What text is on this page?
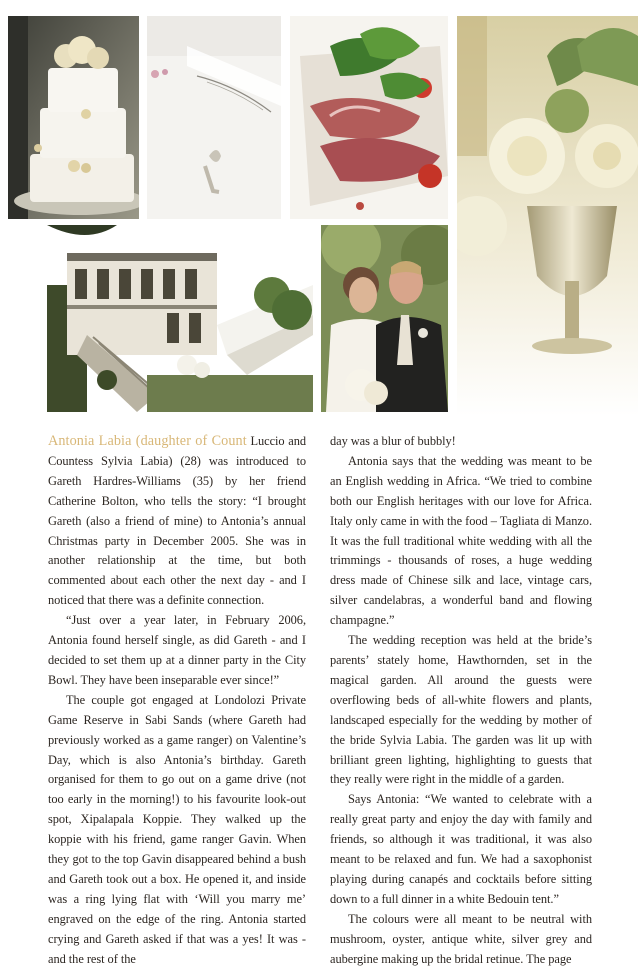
Antonia Labia (daughter of Count Luccio and Countess Sylvia Labia) (28) was introduced to Gareth Hardres-Williams (35) by her friend Catherine Bolton, who tells the story: “I brought Gareth (also a friend of mine) to Antonia’s annual Christmas party in December 2005. She was in another relationship at the time, but both commented about each other the next day - and I noticed that there was a definite connection.

“Just over a year later, in February 2006, Antonia found herself single, as did Gareth - and I decided to set them up at a dinner party in the City Bowl. They have been inseparable ever since!”

The couple got engaged at Londolozi Private Game Reserve in Sabi Sands (where Gareth had previously worked as a game ranger) on Valentine’s Day, which is also Antonia’s birthday. Gareth organised for them to go out on a game drive (not too early in the morning!) to his favourite look-out spot, Xipalapala Koppie. They walked up the koppie with his friend, game ranger Gavin. When they got to the top Gavin disappeared behind a bush and Gareth took out a box. He opened it, and inside was a ring lying flat with ‘Will you marry me’ engraved on the edge of the ring. Antonia started crying and Gareth asked if that was a yes! It was - and the rest of the

day was a blur of bubbly!

Antonia says that the wedding was meant to be an English wedding in Africa. “We tried to combine both our English heritages with our love for Africa. Italy only came in with the food – Tagliata di Manzo. It was the full traditional white wedding with all the trimmings - thousands of roses, a huge wedding dress made of Chinese silk and lace, vintage cars, silver candelabras, a wonderful band and flowing champagne.”

The wedding reception was held at the bride’s parents’ stately home, Hawthornden, set in the magical garden. All around the guests were overflowing beds of all-white flowers and plants, landscaped especially for the wedding by mother of the bride Sylvia Labia. The garden was lit up with brilliant green lighting, highlighting to guests that they really were right in the middle of a garden.

Says Antonia: “We wanted to celebrate with a really great party and enjoy the day with family and friends, so although it was traditional, it was also meant to be relaxed and fun. We had a saxophonist playing during canapés and cocktails before sitting down to a full dinner in a white Bedouin tent.”

The colours were all meant to be neutral with mushroom, oyster, antique white, silver grey and aubergine making up the bridal retinue. The page
